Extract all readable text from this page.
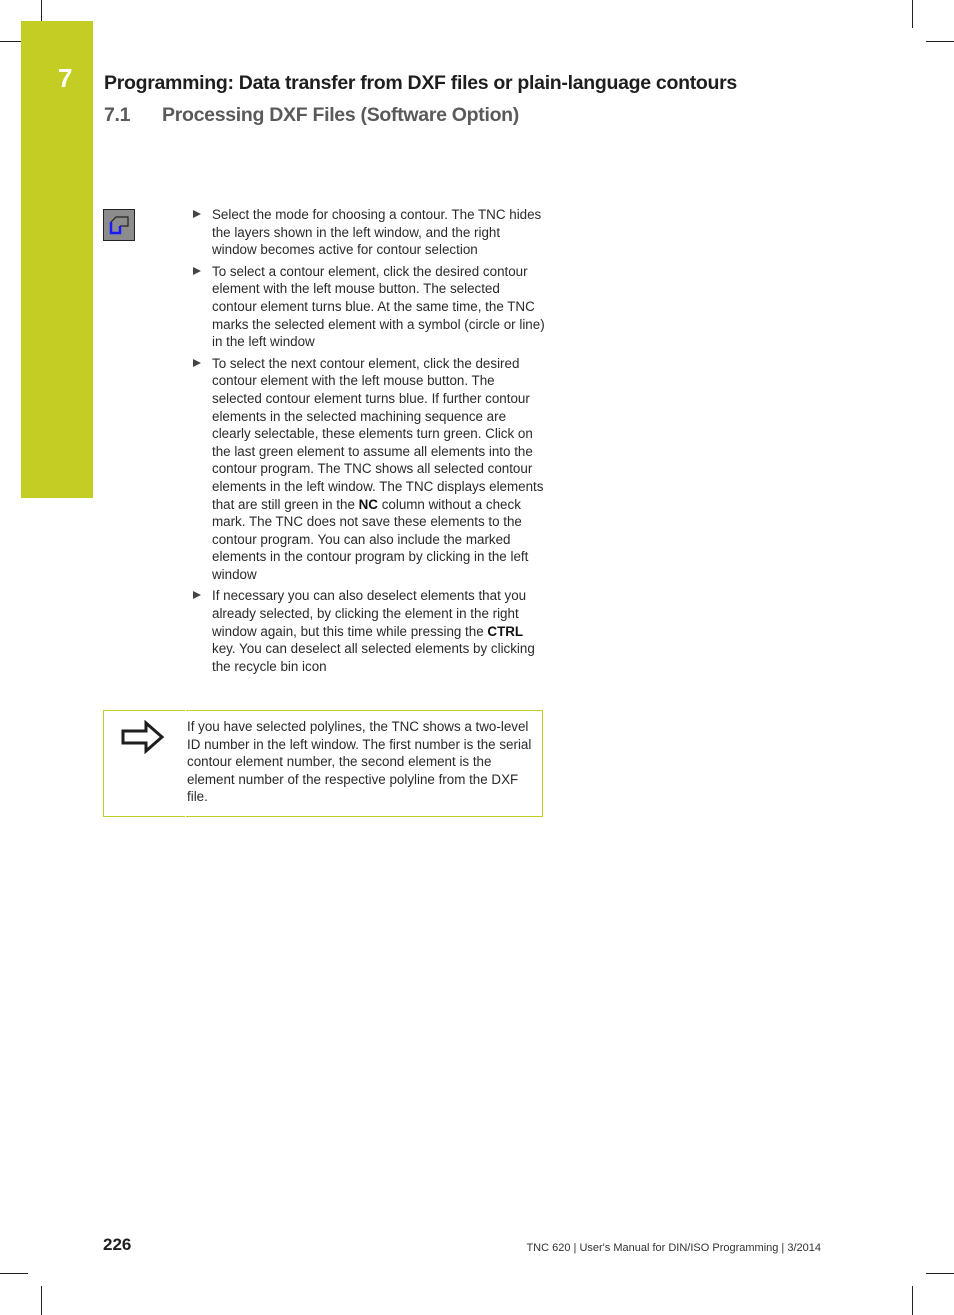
7 Programming: Data transfer from DXF files or plain-language contours
7.1 Processing DXF Files (Software Option)
Select the mode for choosing a contour. The TNC hides the layers shown in the left window, and the right window becomes active for contour selection
To select a contour element, click the desired contour element with the left mouse button. The selected contour element turns blue. At the same time, the TNC marks the selected element with a symbol (circle or line) in the left window
To select the next contour element, click the desired contour element with the left mouse button. The selected contour element turns blue. If further contour elements in the selected machining sequence are clearly selectable, these elements turn green. Click on the last green element to assume all elements into the contour program. The TNC shows all selected contour elements in the left window. The TNC displays elements that are still green in the NC column without a check mark. The TNC does not save these elements to the contour program. You can also include the marked elements in the contour program by clicking in the left window
If necessary you can also deselect elements that you already selected, by clicking the element in the right window again, but this time while pressing the CTRL key. You can deselect all selected elements by clicking the recycle bin icon
If you have selected polylines, the TNC shows a two-level ID number in the left window. The first number is the serial contour element number, the second element is the element number of the respective polyline from the DXF file.
226	TNC 620 | User's Manual for DIN/ISO Programming | 3/2014
